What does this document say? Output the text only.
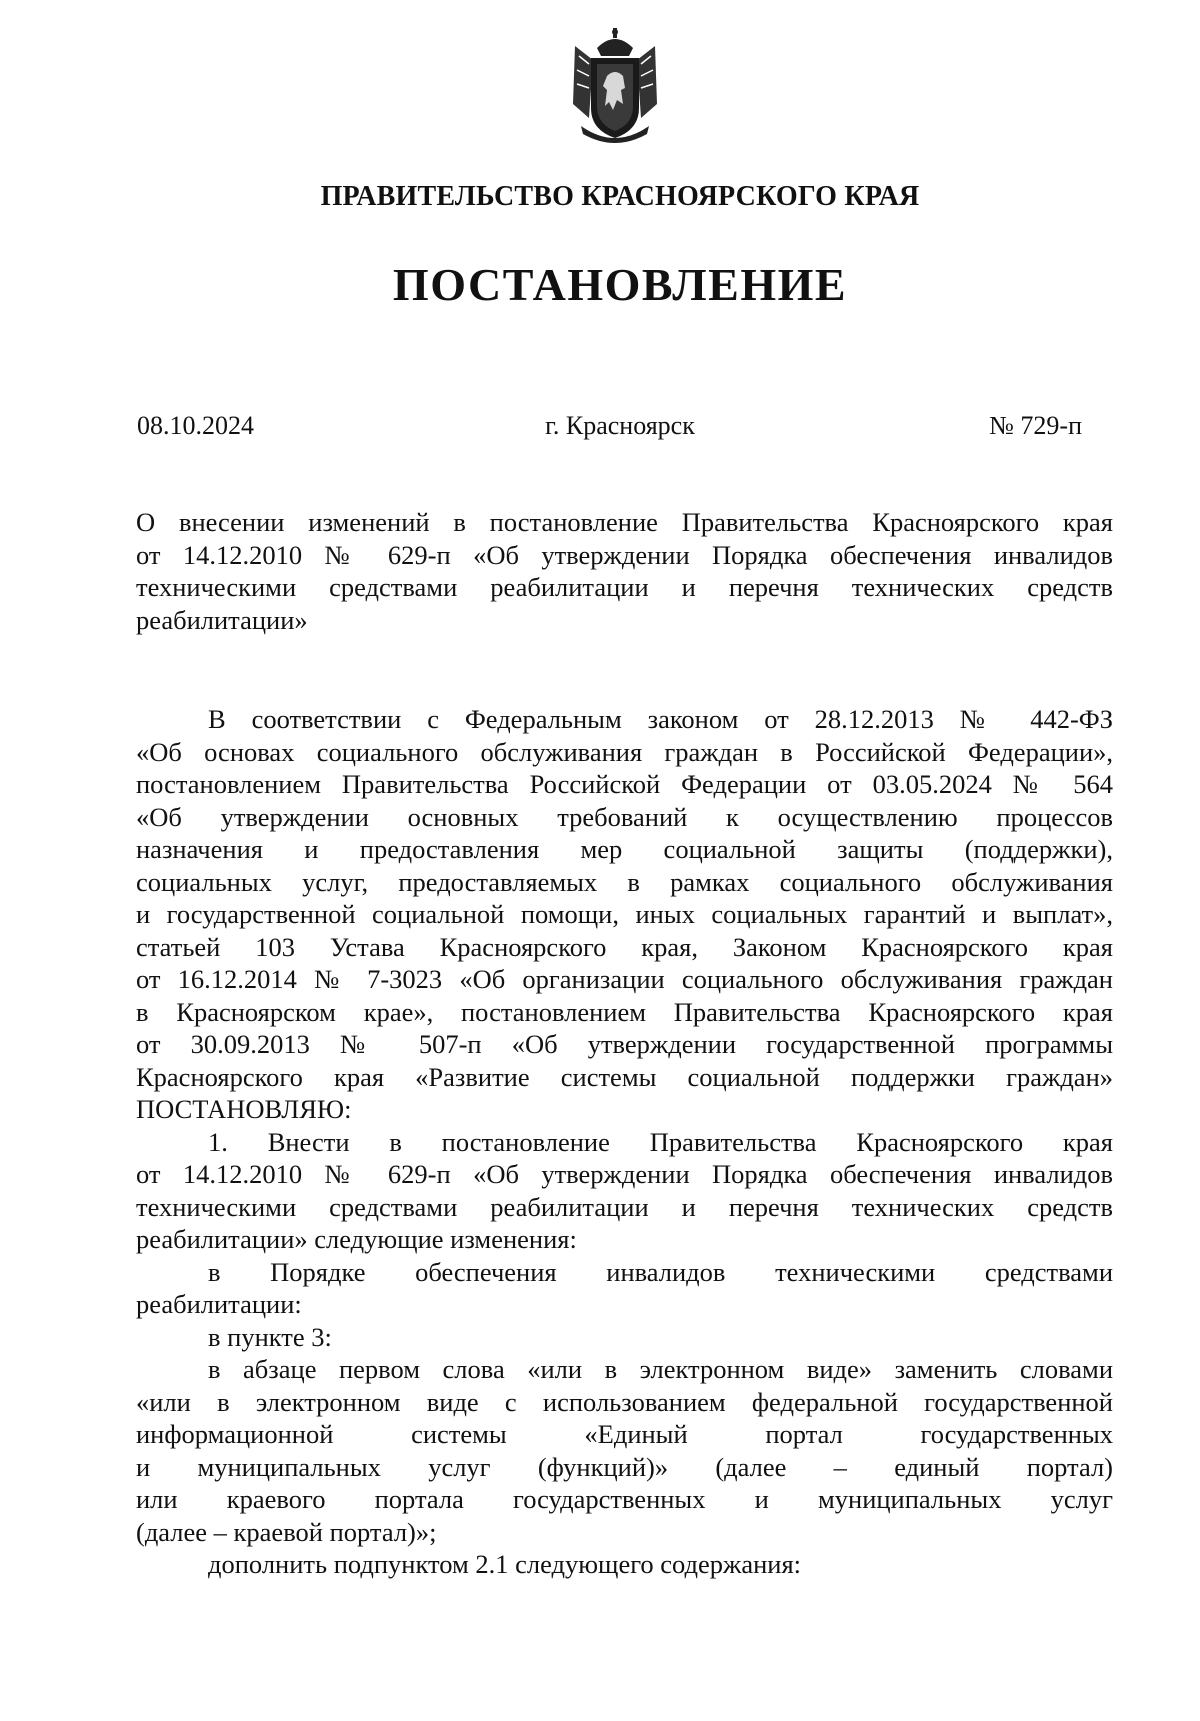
ПРАВИТЕЛЬСТВО КРАСНОЯРСКОГО КРАЯ
ПОСТАНОВЛЕНИЕ
08.10.2024	г. Красноярск	№ 729-п
О внесении изменений в постановление Правительства Красноярского края
от 14.12.2010 № 629-п «Об утверждении Порядка обеспечения инвалидов
техническими средствами реабилитации и перечня технических средств
реабилитации»
В соответствии с Федеральным законом от 28.12.2013 № 442-ФЗ
«Об основах социального обслуживания граждан в Российской Федерации»,
постановлением Правительства Российской Федерации от 03.05.2024 № 564
«Об утверждении основных требований к осуществлению процессов
назначения и предоставления мер социальной защиты (поддержки),
социальных услуг, предоставляемых в рамках социального обслуживания
и государственной социальной помощи, иных социальных гарантий и выплат»,
статьей 103 Устава Красноярского края, Законом Красноярского края
от 16.12.2014 № 7-3023 «Об организации социального обслуживания граждан
в Красноярском крае», постановлением Правительства Красноярского края
от 30.09.2013 № 507-п «Об утверждении государственной программы
Красноярского края «Развитие системы социальной поддержки граждан»
ПОСТАНОВЛЯЮ:
1. Внести в постановление Правительства Красноярского края
от 14.12.2010 № 629-п «Об утверждении Порядка обеспечения инвалидов
техническими средствами реабилитации и перечня технических средств
реабилитации» следующие изменения:
в Порядке обеспечения инвалидов техническими средствами
реабилитации:
в пункте 3:
в абзаце первом слова «или в электронном виде» заменить словами
«или в электронном виде с использованием федеральной государственной
информационной системы «Единый портал государственных
и муниципальных услуг (функций)» (далее – единый портал)
или краевого портала государственных и муниципальных услуг
(далее – краевой портал)»;
дополнить подпунктом 2.1 следующего содержания:
